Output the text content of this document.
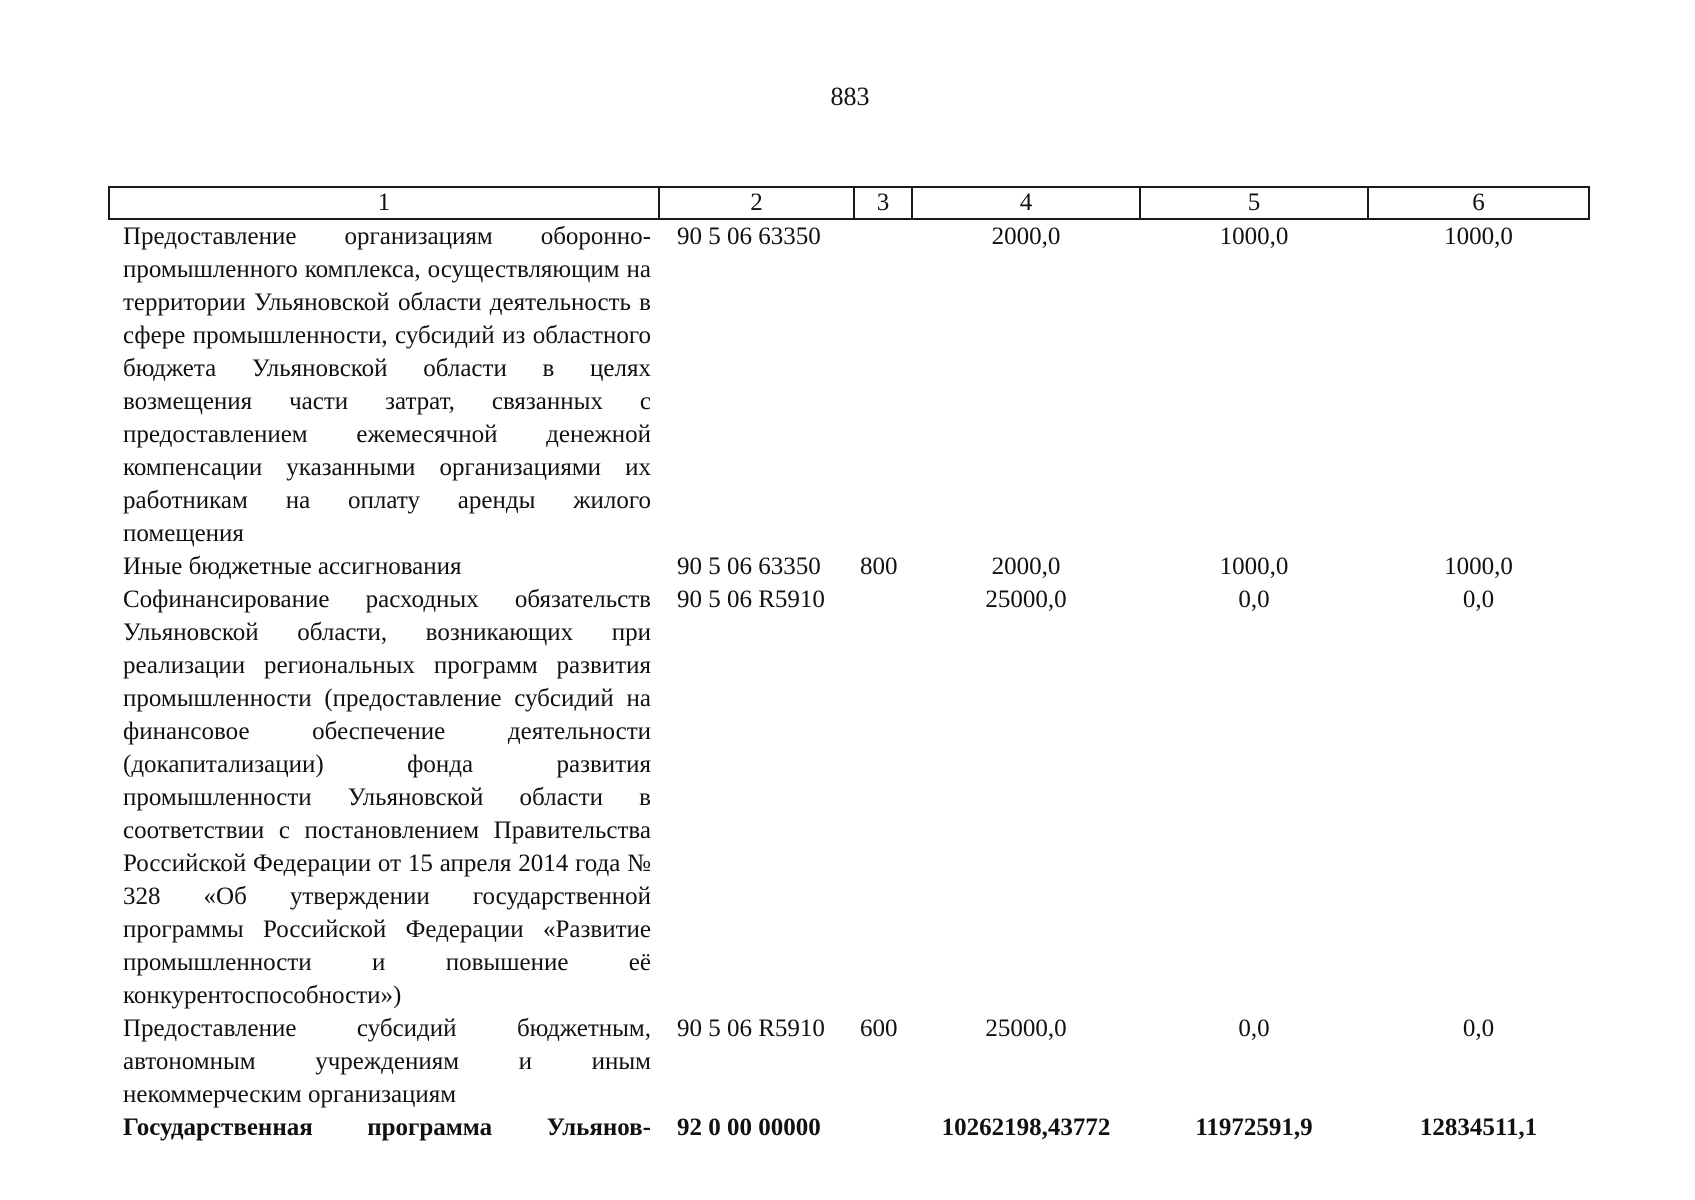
883
1	2	3	4	5	6
Предоставление организациям оборонно-промышленного комплекса, осуществляющим на территории Ульяновской области деятельность в сфере промышленности, субсидий из областного бюджета Ульяновской области в целях возмещения части затрат, связанных с предоставлением ежемесячной денежной компенсации указанными организациями их работникам на оплату аренды жилого помещения	90 5 06 63350		2000,0	1000,0	1000,0
Иные бюджетные ассигнования	90 5 06 63350	800	2000,0	1000,0	1000,0
Софинансирование расходных обязательств Ульяновской области, возникающих при реализации региональных программ развития промышленности (предоставление субсидий на финансовое обеспечение деятельности (докапитализации) фонда развития промышленности Ульяновской области в соответствии с постановлением Правительства Российской Федерации от 15 апреля 2014 года № 328 «Об утверждении государственной программы Российской Федерации «Развитие промышленности и повышение её конкурентоспособности»)	90 5 06 R5910		25000,0	0,0	0,0
Предоставление субсидий бюджетным, автономным учреждениям и иным некоммерческим организациям	90 5 06 R5910	600	25000,0	0,0	0,0
Государственная программа Ульянов-	92 0 00 00000		10262198,43772	11972591,9	12834511,1
